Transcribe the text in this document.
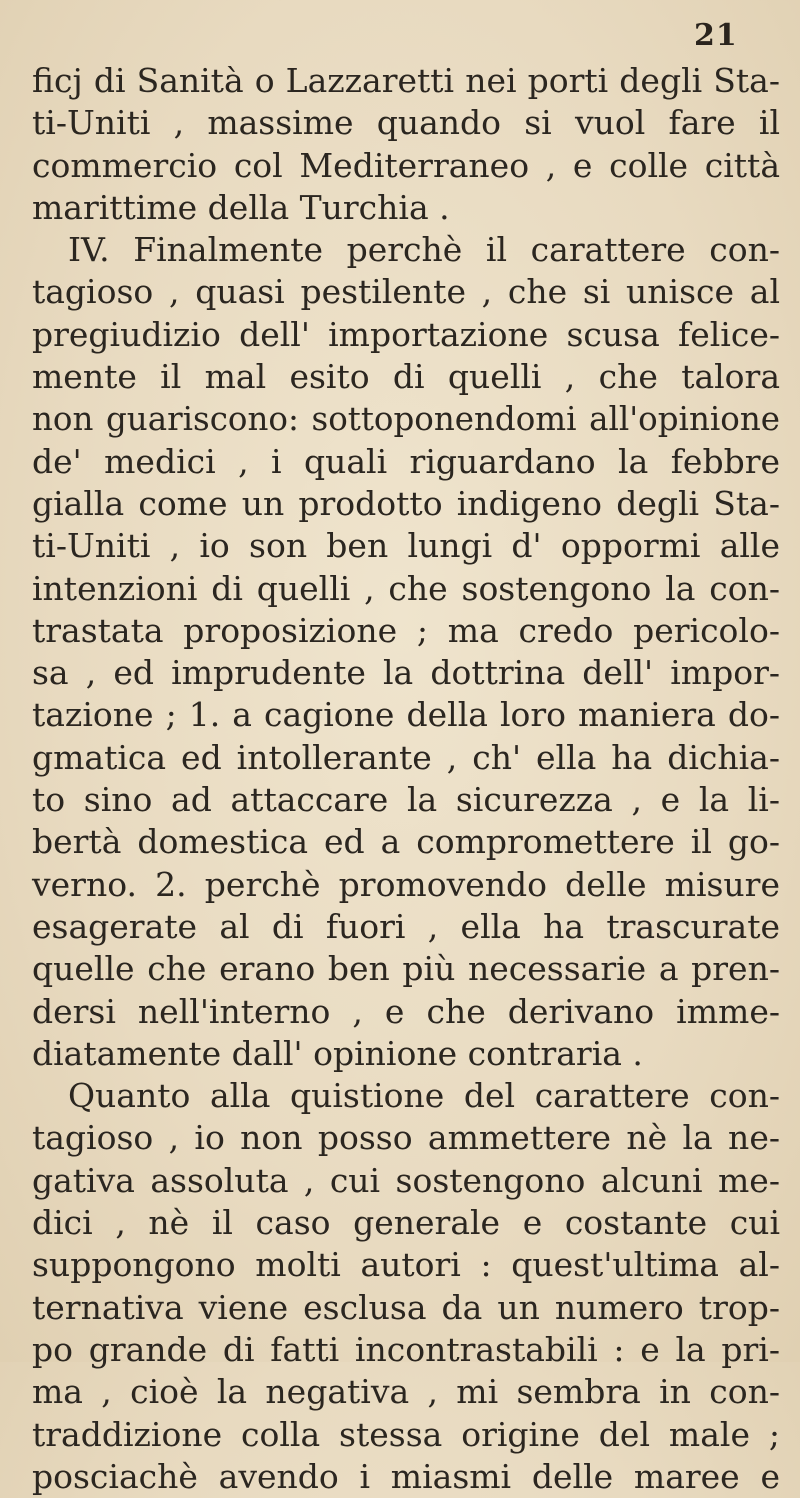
21
ficj di Sanità o Lazzaretti nei porti degli Sta-
ti-Uniti , massime quando si vuol fare il
commercio col Mediterraneo , e colle città
marittime della Turchia .
IV. Finalmente perchè il carattere con-
tagioso , quasi pestilente , che si unisce al
pregiudizio dell' importazione scusa felice-
mente il mal esito di quelli , che talora
non guariscono: sottoponendomi all'opinione
de' medici , i quali riguardano la febbre
gialla come un prodotto indigeno degli Sta-
ti-Uniti , io son ben lungi d' oppormi alle
intenzioni di quelli , che sostengono la con-
trastata proposizione ; ma credo pericolo-
sa , ed imprudente la dottrina dell' impor-
tazione ; 1. a cagione della loro maniera do-
gmatica ed intollerante , ch' ella ha dichia-
to sino ad attaccare la sicurezza , e la li-
bertà domestica ed a compromettere il go-
verno. 2. perchè promovendo delle misure
esagerate al di fuori , ella ha trascurate
quelle che erano ben più necessarie a pren-
dersi nell'interno , e che derivano imme-
diatamente dall' opinione contraria .
Quanto alla quistione del carattere con-
tagioso , io non posso ammettere nè la ne-
gativa assoluta , cui sostengono alcuni me-
dici , nè il caso generale e costante cui
suppongono molti autori : quest'ultima al-
ternativa viene esclusa da un numero trop-
po grande di fatti incontrastabili : e la pri-
ma , cioè la negativa , mi sembra in con-
traddizione colla stessa origine del male ;
posciachè avendo i miasmi delle maree e
